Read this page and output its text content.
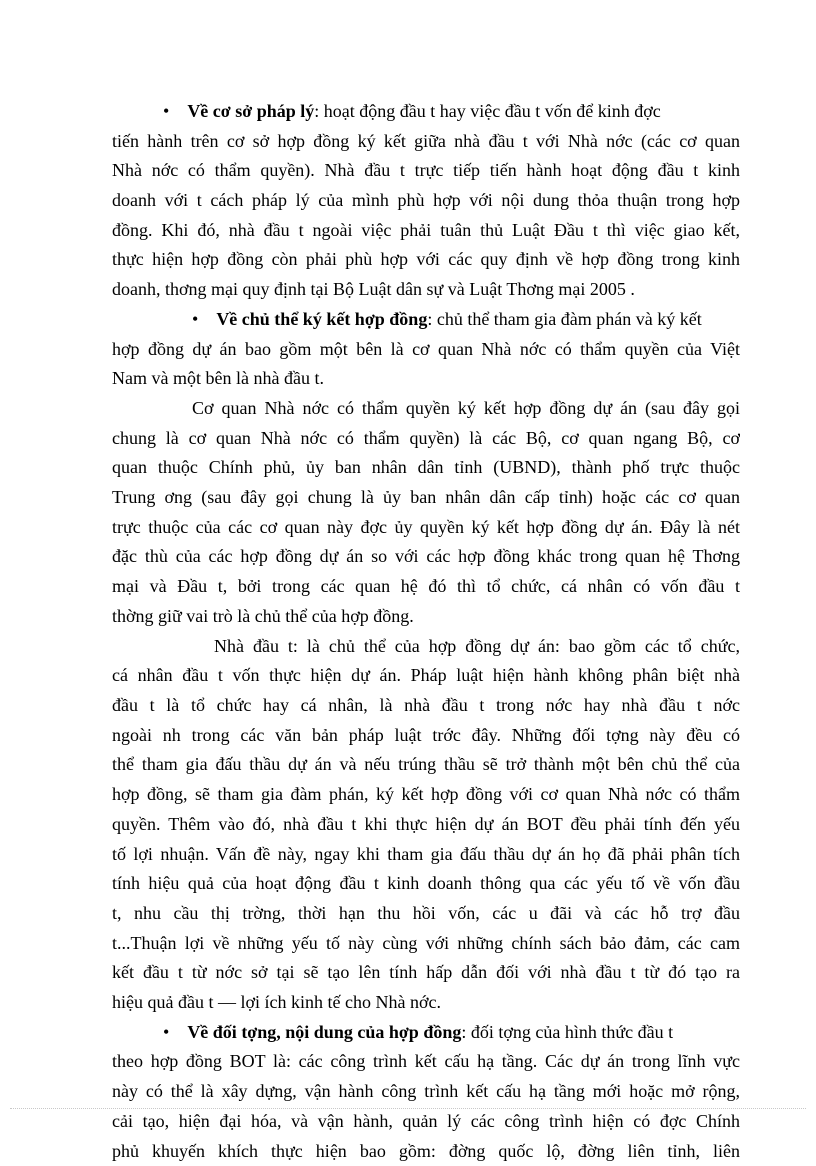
• Về cơ sở pháp lý: hoạt động đầu t hay việc đầu t vốn để kinh đợc
tiến hành trên cơ sở hợp đồng ký kết giữa nhà đầu t với Nhà nớc (các cơ quan
Nhà nớc có thẩm quyền). Nhà đầu t trực tiếp tiến hành hoạt động đầu t kinh
doanh với t cách pháp lý của mình phù hợp với nội dung thỏa thuận trong hợp
đồng. Khi đó, nhà đầu t ngoài việc phải tuân thủ Luật Đầu t thì việc giao kết,
thực hiện hợp đồng còn phải phù hợp với các quy định về hợp đồng trong kinh
doanh, thơng mại quy định tại Bộ Luật dân sự và Luật Thơng mại 2005 .
• Về chủ thể ký kết hợp đồng: chủ thể tham gia đàm phán và ký kết
hợp đồng dự án bao gồm một bên là cơ quan Nhà nớc có thẩm quyền của Việt
Nam và một bên là nhà đầu t.
Cơ quan Nhà nớc có thẩm quyền ký kết hợp đồng dự án (sau đây gọi
chung là cơ quan Nhà nớc có thẩm quyền) là các Bộ, cơ quan ngang Bộ, cơ
quan thuộc Chính phủ, ủy ban nhân dân tỉnh (UBND), thành phố trực thuộc
Trung ơng (sau đây gọi chung là ủy ban nhân dân cấp tỉnh) hoặc các cơ quan
trực thuộc của các cơ quan này đợc ủy quyền ký kết hợp đồng dự án. Đây là nét
đặc thù của các hợp đồng dự án so với các hợp đồng khác trong quan hệ Thơng
mại và Đầu t, bởi trong các quan hệ đó thì tổ chức, cá nhân có vốn đầu t
thờng giữ vai trò là chủ thể của hợp đồng.
Nhà đầu t: là chủ thể của hợp đồng dự án: bao gồm các tổ chức,
cá nhân đầu t vốn thực hiện dự án. Pháp luật hiện hành không phân biệt nhà
đầu t là tổ chức hay cá nhân, là nhà đầu t trong nớc hay nhà đầu t nớc
ngoài nh trong các văn bản pháp luật trớc đây. Những đối tợng này đều có
thể tham gia đấu thầu dự án và nếu trúng thầu sẽ trở thành một bên chủ thể của
hợp đồng, sẽ tham gia đàm phán, ký kết hợp đồng với cơ quan Nhà nớc có thẩm
quyền. Thêm vào đó, nhà đầu t khi thực hiện dự án BOT đều phải tính đến yếu
tố lợi nhuận. Vấn đề này, ngay khi tham gia đấu thầu dự án họ đã phải phân tích
tính hiệu quả của hoạt động đầu t kinh doanh thông qua các yếu tố về vốn đầu
t, nhu cầu thị trờng, thời hạn thu hồi vốn, các u đãi và các hỗ trợ đầu
t...Thuận lợi về những yếu tố này cùng với những chính sách bảo đảm, các cam
kết đầu t từ nớc sở tại sẽ tạo lên tính hấp dẫn đối với nhà đầu t từ đó tạo ra
hiệu quả đầu t — lợi ích kinh tế cho Nhà nớc.
• Về đối tợng, nội dung của hợp đồng: đối tợng của hình thức đầu t
theo hợp đồng BOT là: các công trình kết cấu hạ tầng. Các dự án trong lĩnh vực
này có thể là xây dựng, vận hành công trình kết cấu hạ tầng mới hoặc mở rộng,
cải tạo, hiện đại hóa, và vận hành, quản lý các công trình hiện có đợc Chính
phủ khuyến khích thực hiện bao gồm: đờng quốc lộ, đờng liên tỉnh, liên
